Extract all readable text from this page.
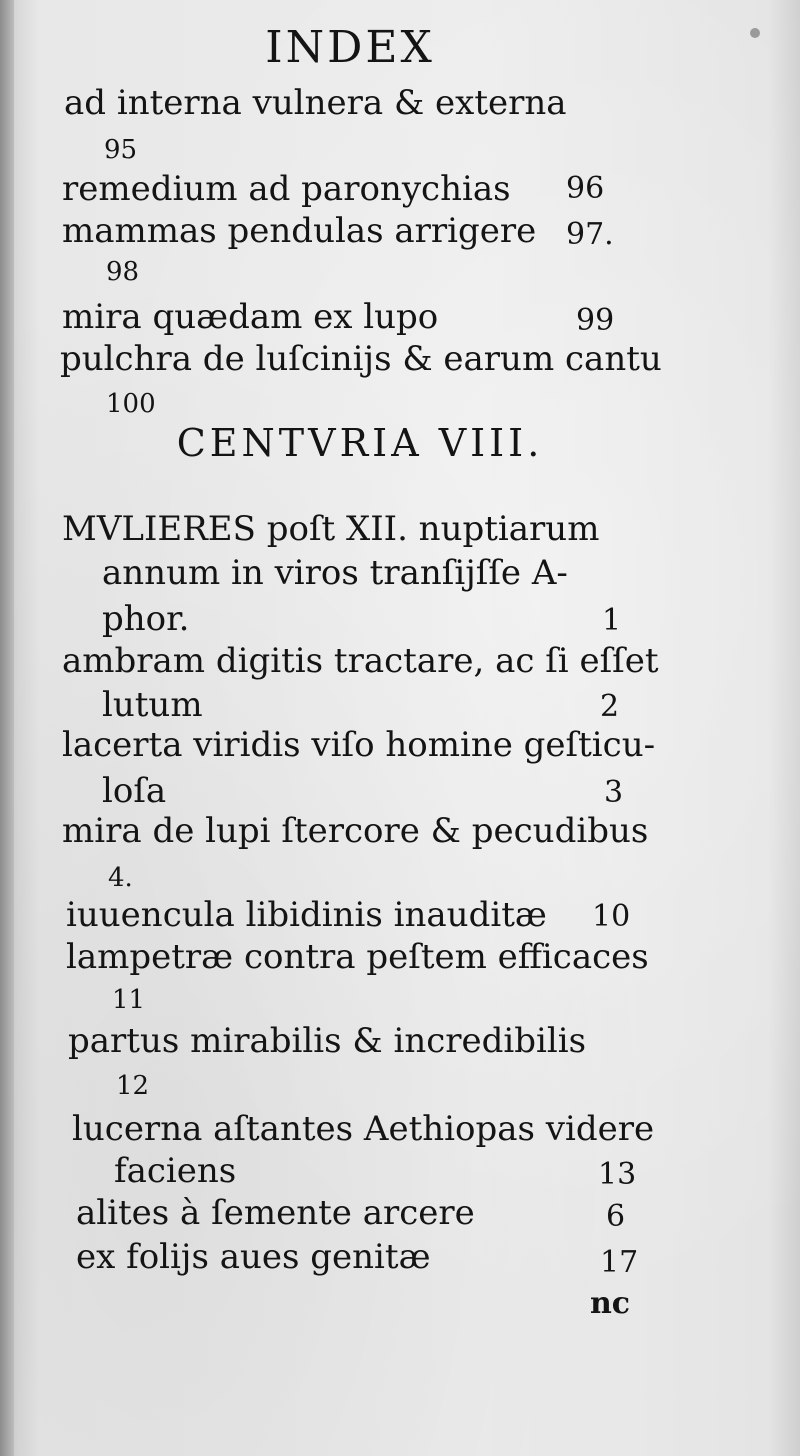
INDEX
ad interna vulnera & externa
95
remedium ad paronychias 96
mammas pendulas arrigere 97.
98
mira quædam ex lupo	99
pulchra de luſcinijs & earum cantu
100
CENTVRIA VIII.
MVLIERES poſt XII. nuptiarum
annum in viros tranſijſſe A-
phor.	1
ambram digitis tractare, ac ſi eſſet
lutum	2
lacerta viridis viſo homine geſticu-
loſa	3
mira de lupi ſtercore & pecudibus
4.
iuuencula libidinis inauditæ 10
lampetræ contra peſtem efficaces
11
partus mirabilis & incredibilis
12
lucerna aſtantes Aethiopas videre
faciens	13
alites à ſemente arcere	6
ex folijs aues genitæ	17
nc
